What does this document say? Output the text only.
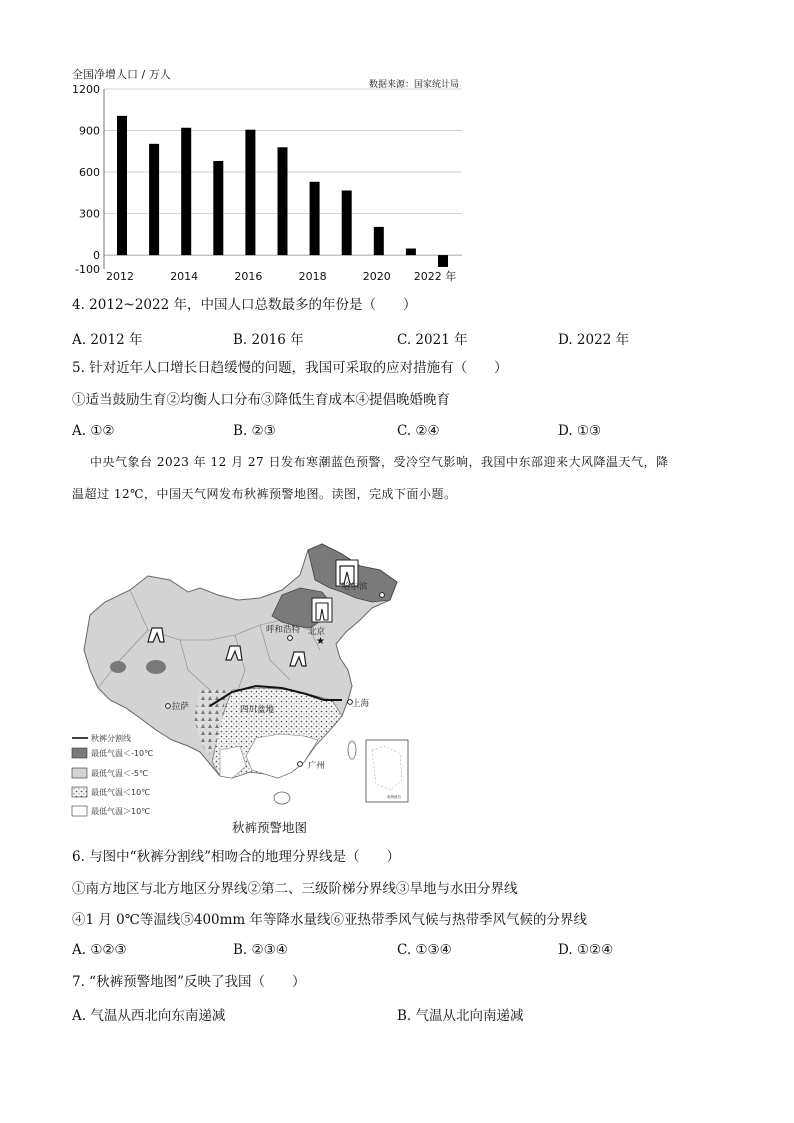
全国净增人口 / 万人
数据来源：国家统计局
1200
900
600
300
0
-100
2012	2014	2016	2018	2020 2022 年
4. 2012~2022 年，中国人口总数最多的年份是（　　）
A. 2012 年	B. 2016 年	C. 2021 年	D. 2022 年
5. 针对近年人口增长日趋缓慢的问题，我国可采取的应对措施有（　　）
①适当鼓励生育②均衡人口分布③降低生育成本④提倡晚婚晚育
A. ①②	B. ②③	C. ②④	D. ①③
中央气象台 2023 年 12 月 27 日发布寒潮蓝色预警，受冷空气影响，我国中东部迎来大风降温天气，降
温超过 12℃，中国天气网发布秋裤预警地图。读图，完成下面小题。
哈尔滨
呼和浩特
★
北京
拉萨	四川盆地
上海
广州
南海诸岛
秋裤分割线
最低气温＜-10℃
最低气温＜-5℃
最低气温＜10℃
最低气温＞10℃
秋裤预警地图
6. 与图中“秋裤分割线”相吻合的地理分界线是（　　）
①南方地区与北方地区分界线②第二、三级阶梯分界线③旱地与水田分界线
④1 月 0℃等温线⑤400mm 年等降水量线⑥亚热带季风气候与热带季风气候的分界线
A. ①②③	B. ②③④	C. ①③④	D. ①②④
7. “秋裤预警地图”反映了我国（　　）
A. 气温从西北向东南递减	B. 气温从北向南递减
